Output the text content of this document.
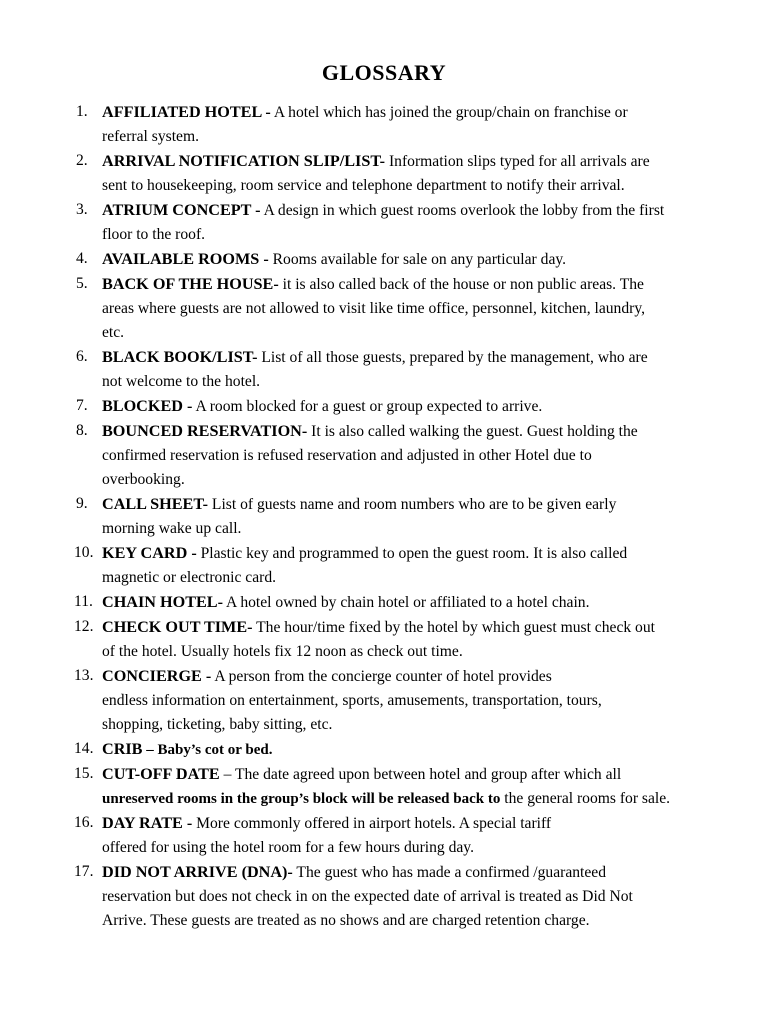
GLOSSARY
1. AFFILIATED HOTEL - A hotel which has joined the group/chain on franchise or
referral system.
2. ARRIVAL NOTIFICATION SLIP/LIST- Information slips typed for all arrivals are
sent to housekeeping, room service and telephone department to notify their arrival.
3. ATRIUM CONCEPT - A design in which guest rooms overlook the lobby from the first
floor to the roof.
4. AVAILABLE ROOMS - Rooms available for sale on any particular day.
5. BACK OF THE HOUSE- it is also called back of the house or non public areas. The
areas where guests are not allowed to visit like time office, personnel, kitchen, laundry,
etc.
6. BLACK BOOK/LIST- List of all those guests, prepared by the management, who are
not welcome to the hotel.
7. BLOCKED - A room blocked for a guest or group expected to arrive.
8. BOUNCED RESERVATION- It is also called walking the guest. Guest holding the
confirmed reservation is refused reservation and adjusted in other Hotel due to
overbooking.
9. CALL SHEET- List of guests name and room numbers who are to be given early
morning wake up call.
10. KEY CARD - Plastic key and programmed to open the guest room. It is also called
magnetic or electronic card.
11. CHAIN HOTEL- A hotel owned by chain hotel or affiliated to a hotel chain.
12. CHECK OUT TIME- The hour/time fixed by the hotel by which guest must check out
of the hotel. Usually hotels fix 12 noon as check out time.
13. CONCIERGE - A person from the concierge counter of hotel provides
endless information on entertainment, sports, amusements, transportation, tours,
shopping, ticketing, baby sitting, etc.
14. CRIB – Baby’s cot or bed.
15. CUT-OFF DATE – The date agreed upon between hotel and group after which all
unreserved rooms in the group’s block will be released back to the general rooms for sale.
16. DAY RATE - More commonly offered in airport hotels. A special tariff
offered for using the hotel room for a few hours during day.
17. DID NOT ARRIVE (DNA)- The guest who has made a confirmed /guaranteed
reservation but does not check in on the expected date of arrival is treated as Did Not
Arrive. These guests are treated as no shows and are charged retention charge.
